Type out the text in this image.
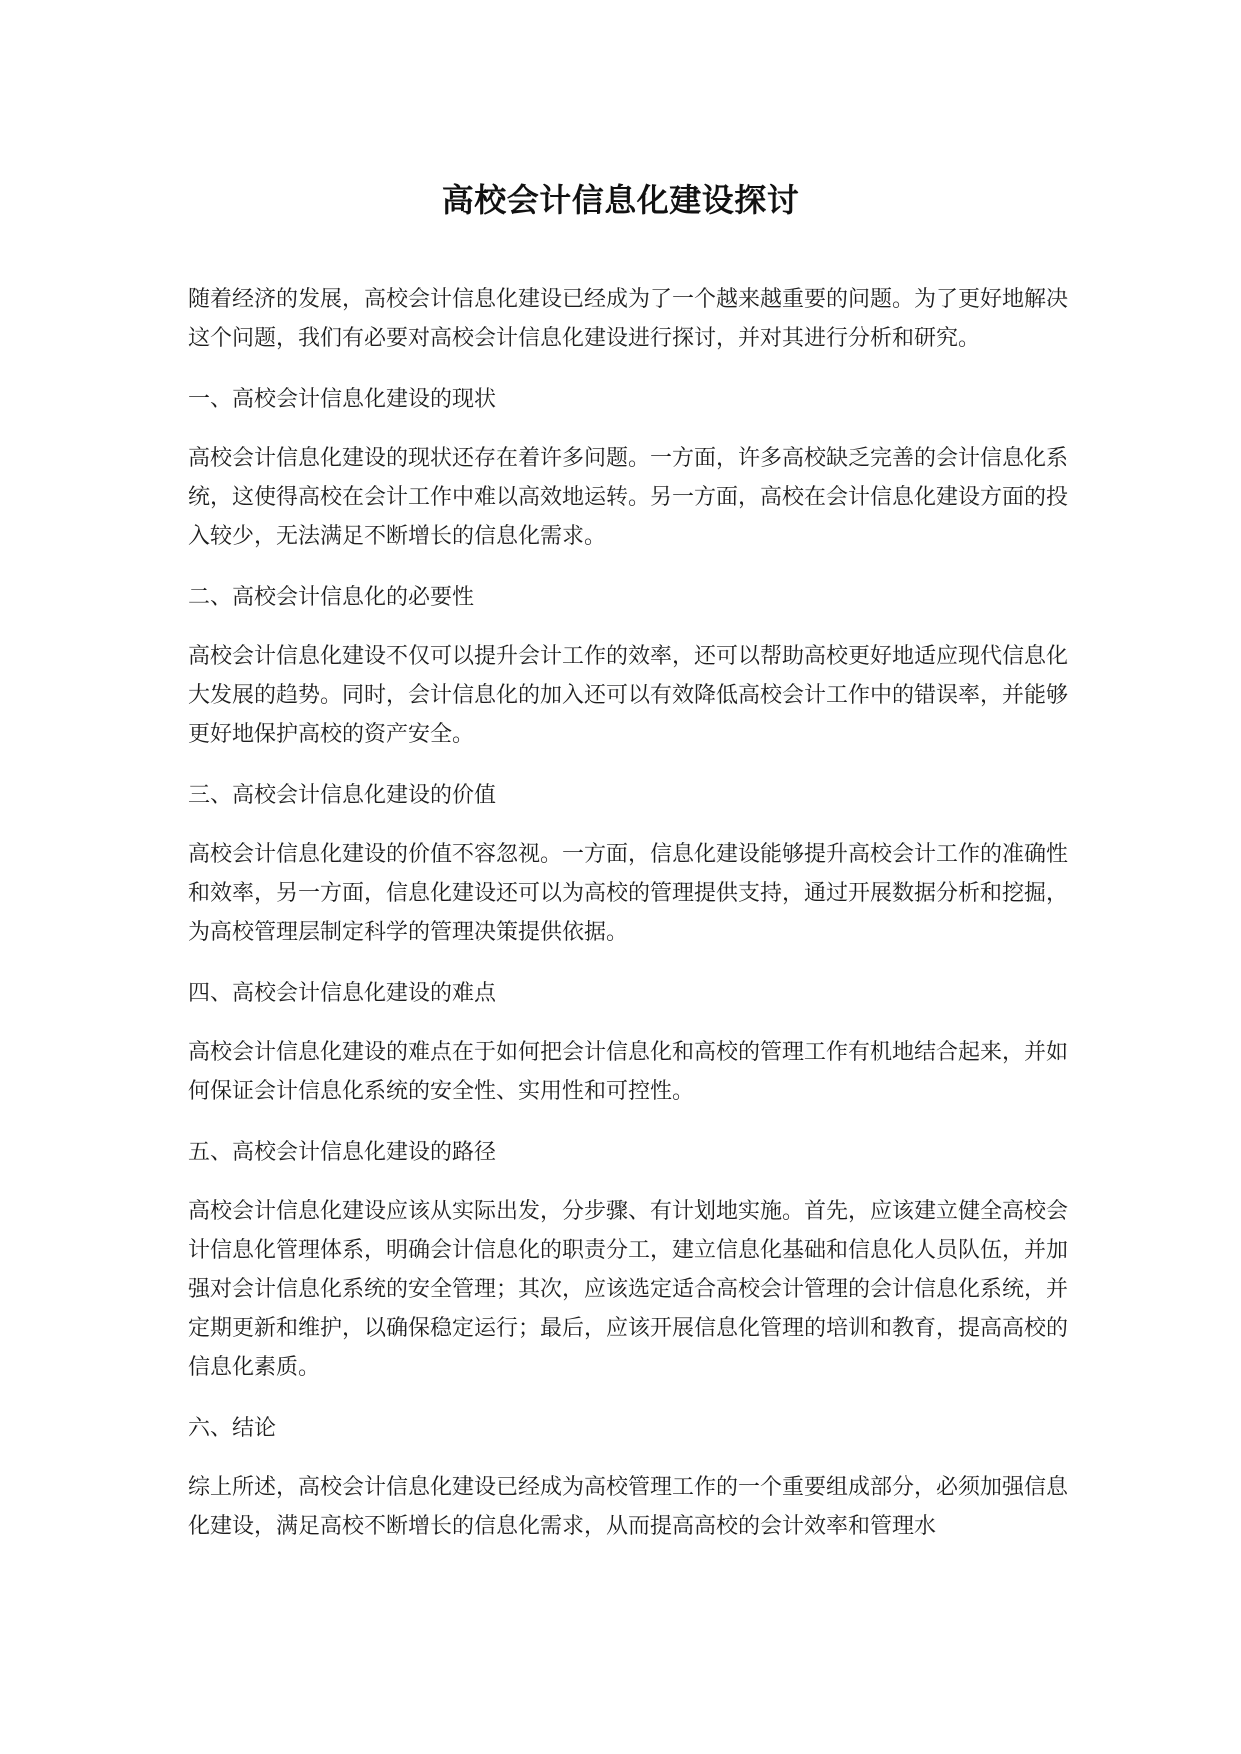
高校会计信息化建设探讨

随着经济的发展，高校会计信息化建设已经成为了一个越来越重要的问题。为了更好地解决这个问题，我们有必要对高校会计信息化建设进行探讨，并对其进行分析和研究。

一、高校会计信息化建设的现状

高校会计信息化建设的现状还存在着许多问题。一方面，许多高校缺乏完善的会计信息化系统，这使得高校在会计工作中难以高效地运转。另一方面，高校在会计信息化建设方面的投入较少，无法满足不断增长的信息化需求。

二、高校会计信息化的必要性

高校会计信息化建设不仅可以提升会计工作的效率，还可以帮助高校更好地适应现代信息化大发展的趋势。同时，会计信息化的加入还可以有效降低高校会计工作中的错误率，并能够更好地保护高校的资产安全。

三、高校会计信息化建设的价值

高校会计信息化建设的价值不容忽视。一方面，信息化建设能够提升高校会计工作的准确性和效率，另一方面，信息化建设还可以为高校的管理提供支持，通过开展数据分析和挖掘，为高校管理层制定科学的管理决策提供依据。

四、高校会计信息化建设的难点

高校会计信息化建设的难点在于如何把会计信息化和高校的管理工作有机地结合起来，并如何保证会计信息化系统的安全性、实用性和可控性。

五、高校会计信息化建设的路径

高校会计信息化建设应该从实际出发，分步骤、有计划地实施。首先，应该建立健全高校会计信息化管理体系，明确会计信息化的职责分工，建立信息化基础和信息化人员队伍，并加强对会计信息化系统的安全管理；其次，应该选定适合高校会计管理的会计信息化系统，并定期更新和维护，以确保稳定运行；最后，应该开展信息化管理的培训和教育，提高高校的信息化素质。

六、结论

综上所述，高校会计信息化建设已经成为高校管理工作的一个重要组成部分，必须加强信息化建设，满足高校不断增长的信息化需求，从而提高高校的会计效率和管理水
